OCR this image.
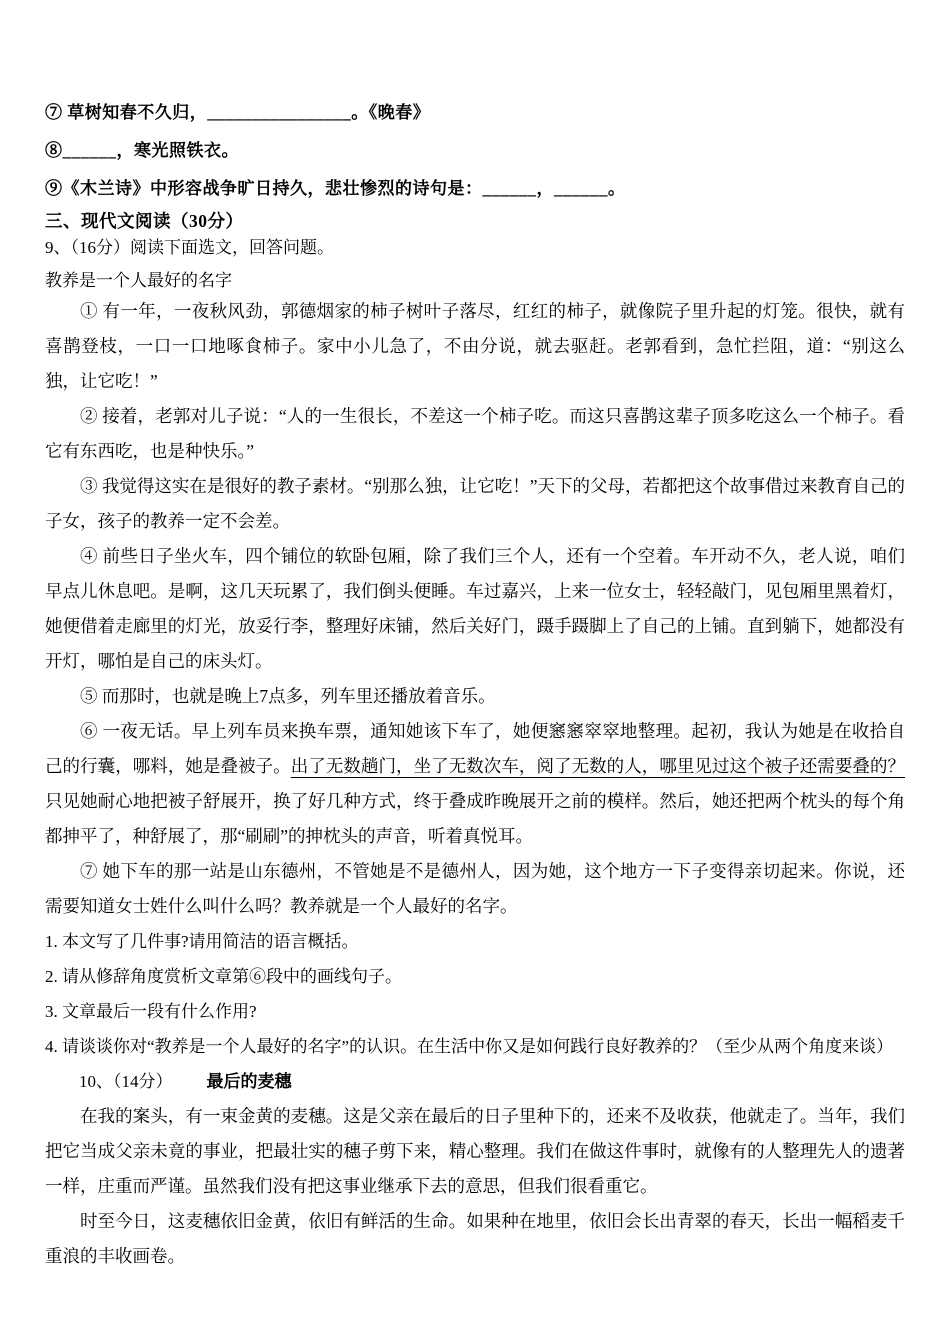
⑦ 草树知春不久归，________________。《晚春》

⑧______，寒光照铁衣。

⑨《木兰诗》中形容战争旷日持久，悲壮惨烈的诗句是：______，______。

三、现代文阅读（30分）

9、（16分）阅读下面选文，回答问题。

教养是一个人最好的名字

① 有一年，一夜秋风劲，郭德烟家的柿子树叶子落尽，红红的柿子，就像院子里升起的灯笼。很快，就有喜鹊登枝，一口一口地啄食柿子。家中小儿急了，不由分说，就去驱赶。老郭看到，急忙拦阻，道：“别这么独，让它吃！”

② 接着，老郭对儿子说：“人的一生很长，不差这一个柿子吃。而这只喜鹊这辈子顶多吃这么一个柿子。看它有东西吃，也是种快乐。”

③ 我觉得这实在是很好的教子素材。“别那么独，让它吃！”天下的父母，若都把这个故事借过来教育自己的子女，孩子的教养一定不会差。

④ 前些日子坐火车，四个铺位的软卧包厢，除了我们三个人，还有一个空着。车开动不久，老人说，咱们早点儿休息吧。是啊，这几天玩累了，我们倒头便睡。车过嘉兴，上来一位女士，轻轻敲门，见包厢里黑着灯，她便借着走廊里的灯光，放妥行李，整理好床铺，然后关好门，蹑手蹑脚上了自己的上铺。直到躺下，她都没有开灯，哪怕是自己的床头灯。

⑤ 而那时，也就是晚上7点多，列车里还播放着音乐。

⑥ 一夜无话。早上列车员来换车票，通知她该下车了，她便窸窸窣窣地整理。起初，我认为她是在收拾自己的行囊，哪料，她是叠被子。出了无数趟门，坐了无数次车，阅了无数的人，哪里见过这个被子还需要叠的？只见她耐心地把被子舒展开，换了好几种方式，终于叠成昨晚展开之前的模样。然后，她还把两个枕头的每个角都抻平了，种舒展了，那“刷刷”的抻枕头的声音，听着真悦耳。

⑦ 她下车的那一站是山东德州，不管她是不是德州人，因为她，这个地方一下子变得亲切起来。你说，还需要知道女士姓什么叫什么吗？教养就是一个人最好的名字。

1. 本文写了几件事?请用简洁的语言概括。

2. 请从修辞角度赏析文章第⑥段中的画线句子。

3. 文章最后一段有什么作用?

4. 请谈谈你对“教养是一个人最好的名字”的认识。在生活中你又是如何践行良好教养的？（至少从两个角度来谈）

10、（14分） 最后的麦穗

在我的案头，有一束金黄的麦穗。这是父亲在最后的日子里种下的，还来不及收获，他就走了。当年，我们把它当成父亲未竟的事业，把最壮实的穗子剪下来，精心整理。我们在做这件事时，就像有的人整理先人的遗著一样，庄重而严谨。虽然我们没有把这事业继承下去的意思，但我们很看重它。

时至今日，这麦穗依旧金黄，依旧有鲜活的生命。如果种在地里，依旧会长出青翠的春天，长出一幅稻麦千重浪的丰收画卷。
